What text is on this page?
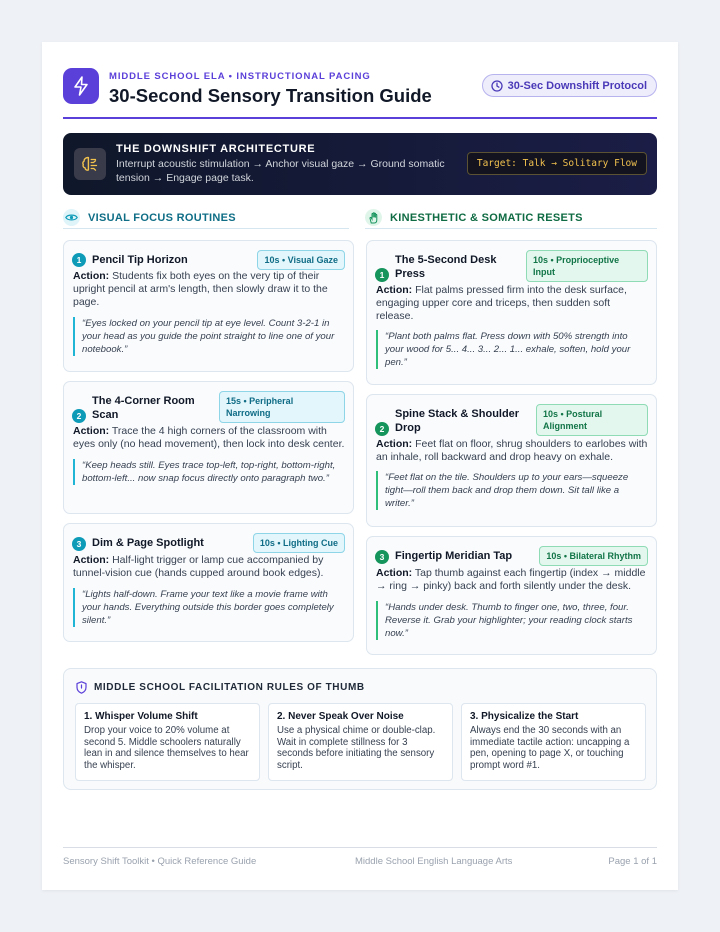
MIDDLE SCHOOL ELA • INSTRUCTIONAL PACING
30-Second Sensory Transition Guide	30-Sec Downshift Protocol
THE DOWNSHIFT ARCHITECTURE
Interrupt acoustic stimulation → Anchor visual gaze → Ground somatic tension → Engage page task.
Target: Talk → Solitary Flow
VISUAL FOCUS ROUTINES	KINESTHETIC & SOMATIC RESETS
1 Pencil Tip Horizon	10s • Visual Gaze
Action: Students fix both eyes on the very tip of their upright pencil at arm's length, then slowly draw it to the page.
“Eyes locked on your pencil tip at eye level. Count 3-2-1 in your head as you guide the point straight to line one of your notebook.”
2
The 4-Corner Room Scan
15s • Peripheral Narrowing
Action: Trace the 4 high corners of the classroom with eyes only (no head movement), then lock into desk center.
“Keep heads still. Eyes trace top-left, top-right, bottom-right, bottom-left... now snap focus directly onto paragraph two.”
3 Dim & Page Spotlight	10s • Lighting Cue
Action: Half-light trigger or lamp cue accompanied by tunnel-vision cue (hands cupped around book edges).
“Lights half-down. Frame your text like a movie frame with your hands. Everything outside this border goes completely silent.”
1
The 5-Second Desk Press
10s • Proprioceptive Input
Action: Flat palms pressed firm into the desk surface, engaging upper core and triceps, then sudden soft release.
“Plant both palms flat. Press down with 50% strength into your wood for 5... 4... 3... 2... 1... exhale, soften, hold your pen.”
2
Spine Stack & Shoulder Drop
10s • Postural Alignment
Action: Feet flat on floor, shrug shoulders to earlobes with an inhale, roll backward and drop heavy on exhale.
“Feet flat on the tile. Shoulders up to your ears—squeeze tight—roll them back and drop them down. Sit tall like a writer.”
3 Fingertip Meridian Tap	10s • Bilateral Rhythm
Action: Tap thumb against each fingertip (index → middle → ring → pinky) back and forth silently under the desk.
“Hands under desk. Thumb to finger one, two, three, four. Reverse it. Grab your highlighter; your reading clock starts now.”
MIDDLE SCHOOL FACILITATION RULES OF THUMB
1. Whisper Volume Shift
Drop your voice to 20% volume at second 5. Middle schoolers naturally lean in and silence themselves to hear the whisper.
2. Never Speak Over Noise
Use a physical chime or double-clap. Wait in complete stillness for 3 seconds before initiating the sensory script.
3. Physicalize the Start
Always end the 30 seconds with an immediate tactile action: uncapping a pen, opening to page X, or touching prompt word #1.
Sensory Shift Toolkit • Quick Reference Guide	Middle School English Language Arts	Page 1 of 1
